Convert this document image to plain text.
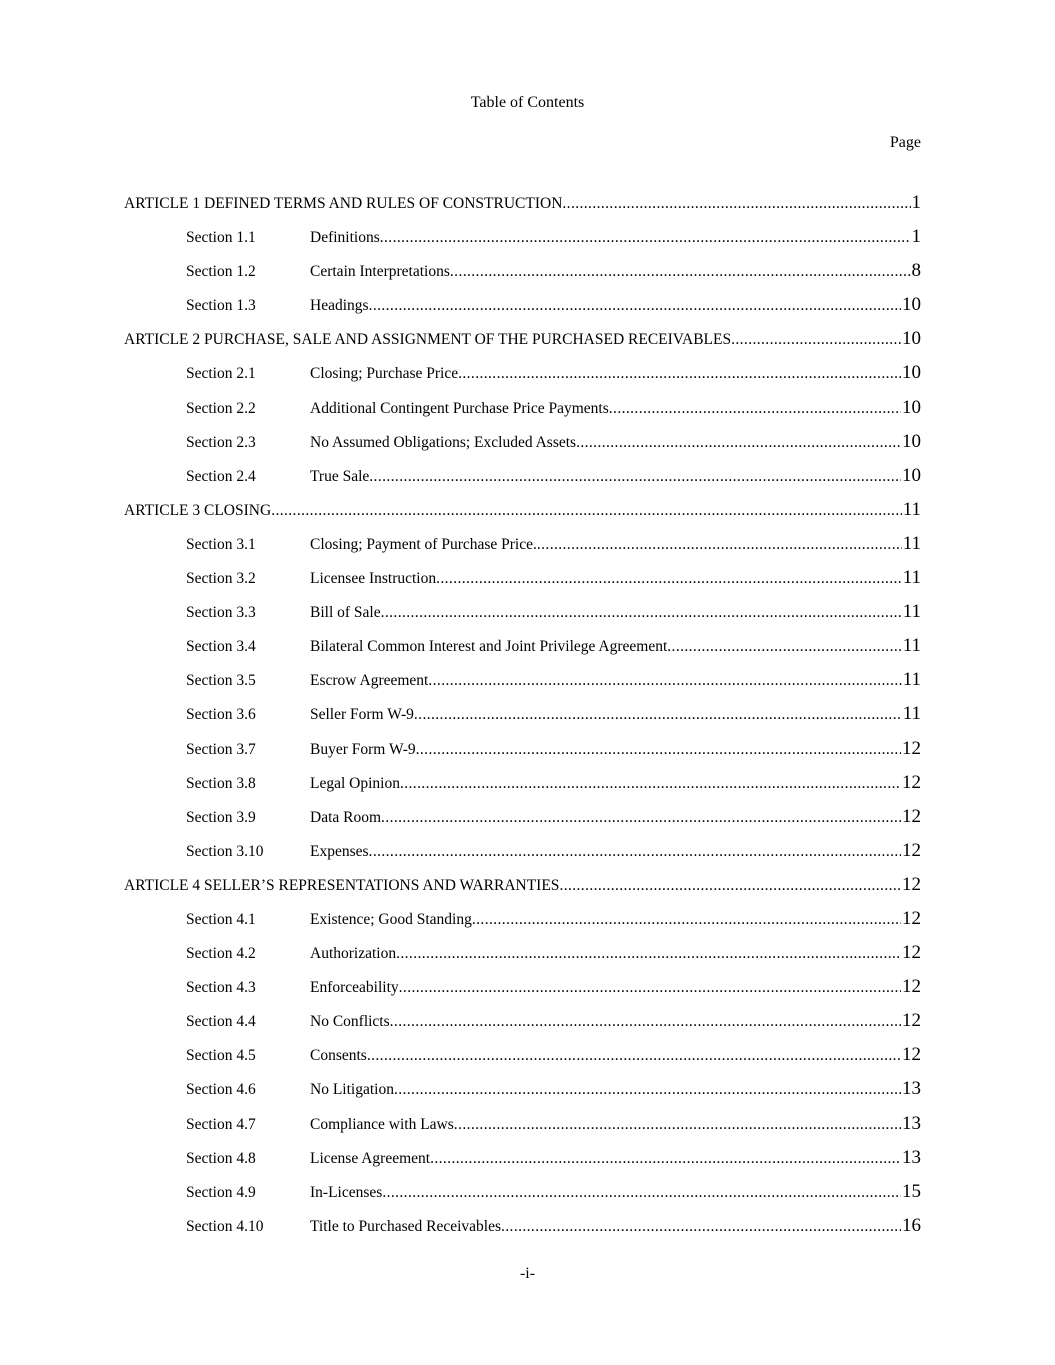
Table of Contents
Page
ARTICLE 1 DEFINED TERMS AND RULES OF CONSTRUCTION .....	1
Section 1.1	Definitions .....	1
Section 1.2	Certain Interpretations .....	8
Section 1.3	Headings .....	10
ARTICLE 2 PURCHASE, SALE AND ASSIGNMENT OF THE PURCHASED RECEIVABLES .....	10
Section 2.1	Closing; Purchase Price .....	10
Section 2.2	Additional Contingent Purchase Price Payments .....	10
Section 2.3	No Assumed Obligations; Excluded Assets .....	10
Section 2.4	True Sale .....	10
ARTICLE 3 CLOSING .....	11
Section 3.1	Closing; Payment of Purchase Price. .....	11
Section 3.2	Licensee Instruction .....	11
Section 3.3	Bill of Sale .....	11
Section 3.4	Bilateral Common Interest and Joint Privilege Agreement .....	11
Section 3.5	Escrow Agreement .....	11
Section 3.6	Seller Form W-9 .....	11
Section 3.7	Buyer Form W-9 .....	12
Section 3.8	Legal Opinion .....	12
Section 3.9	Data Room .....	12
Section 3.10	Expenses .....	12
ARTICLE 4 SELLER’S REPRESENTATIONS AND WARRANTIES .....	12
Section 4.1	Existence; Good Standing .....	12
Section 4.2	Authorization .....	12
Section 4.3	Enforceability .....	12
Section 4.4	No Conflicts .....	12
Section 4.5	Consents .....	12
Section 4.6	No Litigation .....	13
Section 4.7	Compliance with Laws .....	13
Section 4.8	License Agreement .....	13
Section 4.9	In-Licenses .....	15
Section 4.10	Title to Purchased Receivables .....	16
-i-
